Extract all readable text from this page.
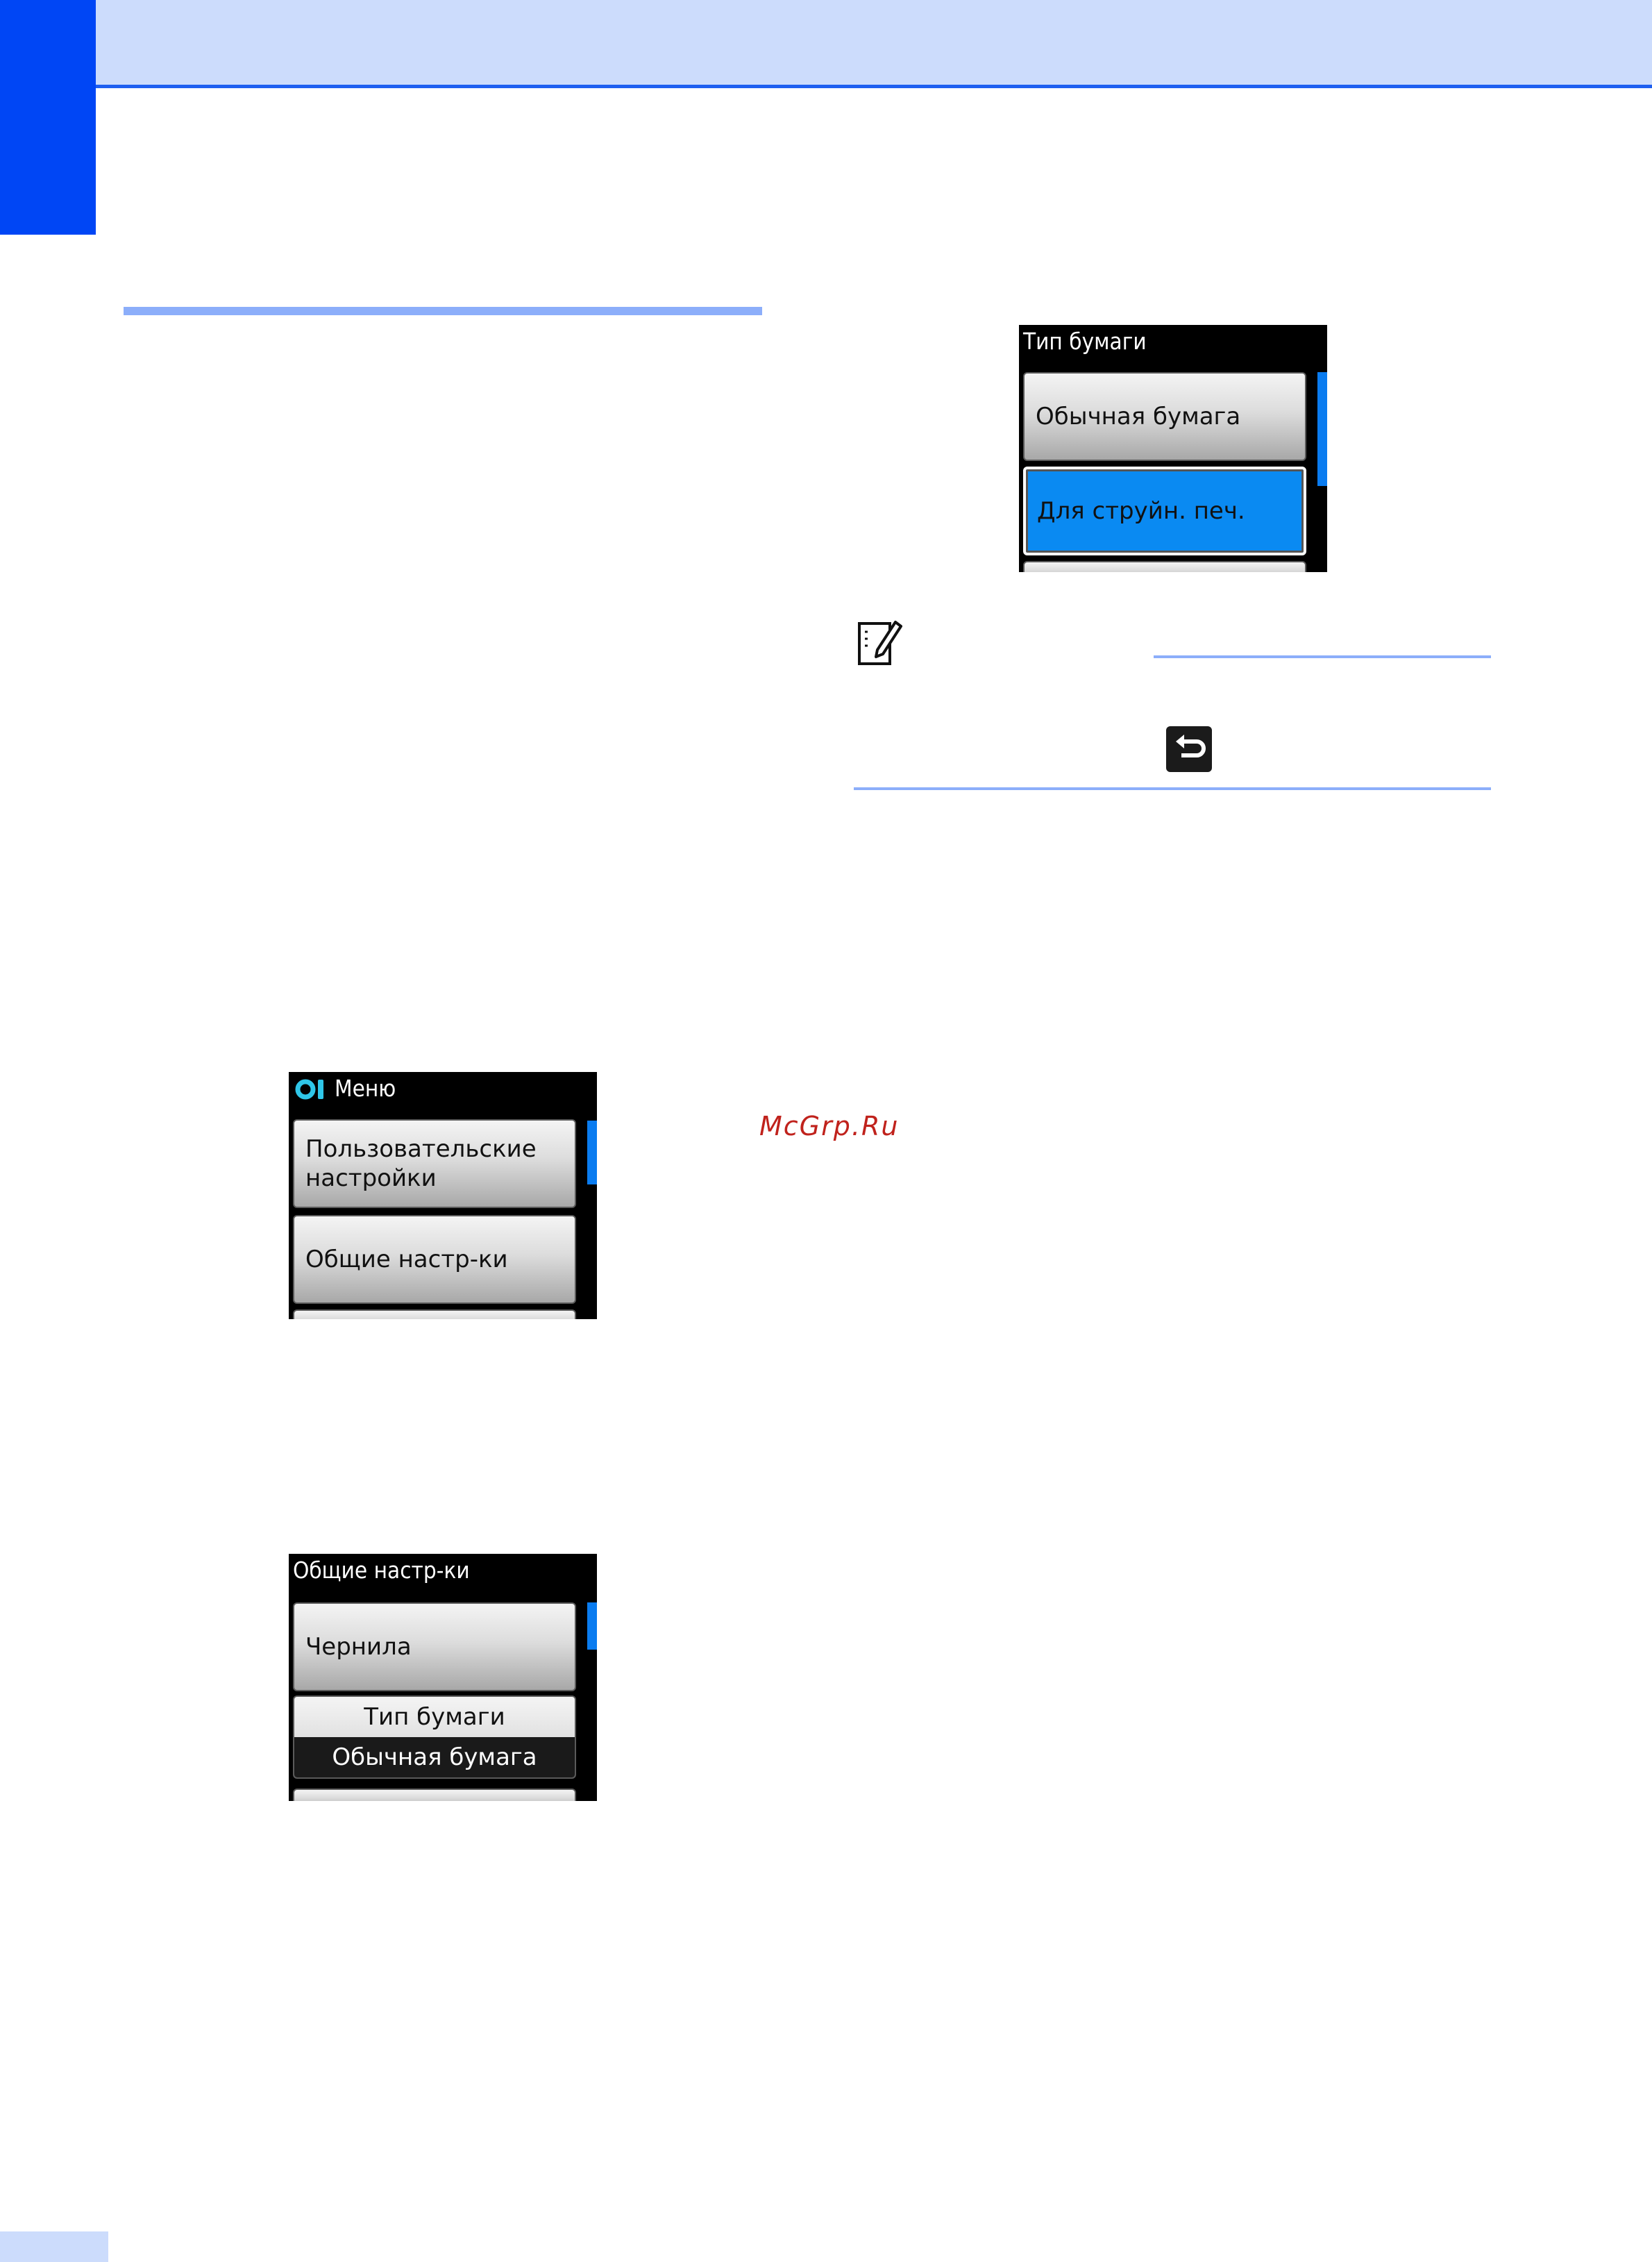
Меню
Пользовательские
настройки
Общие настр-ки
Общие настр-ки
Чернила
Тип бумаги
Обычная бумага
Тип бумаги
Обычная бумага
Для струйн. печ.
McGrp.Ru
